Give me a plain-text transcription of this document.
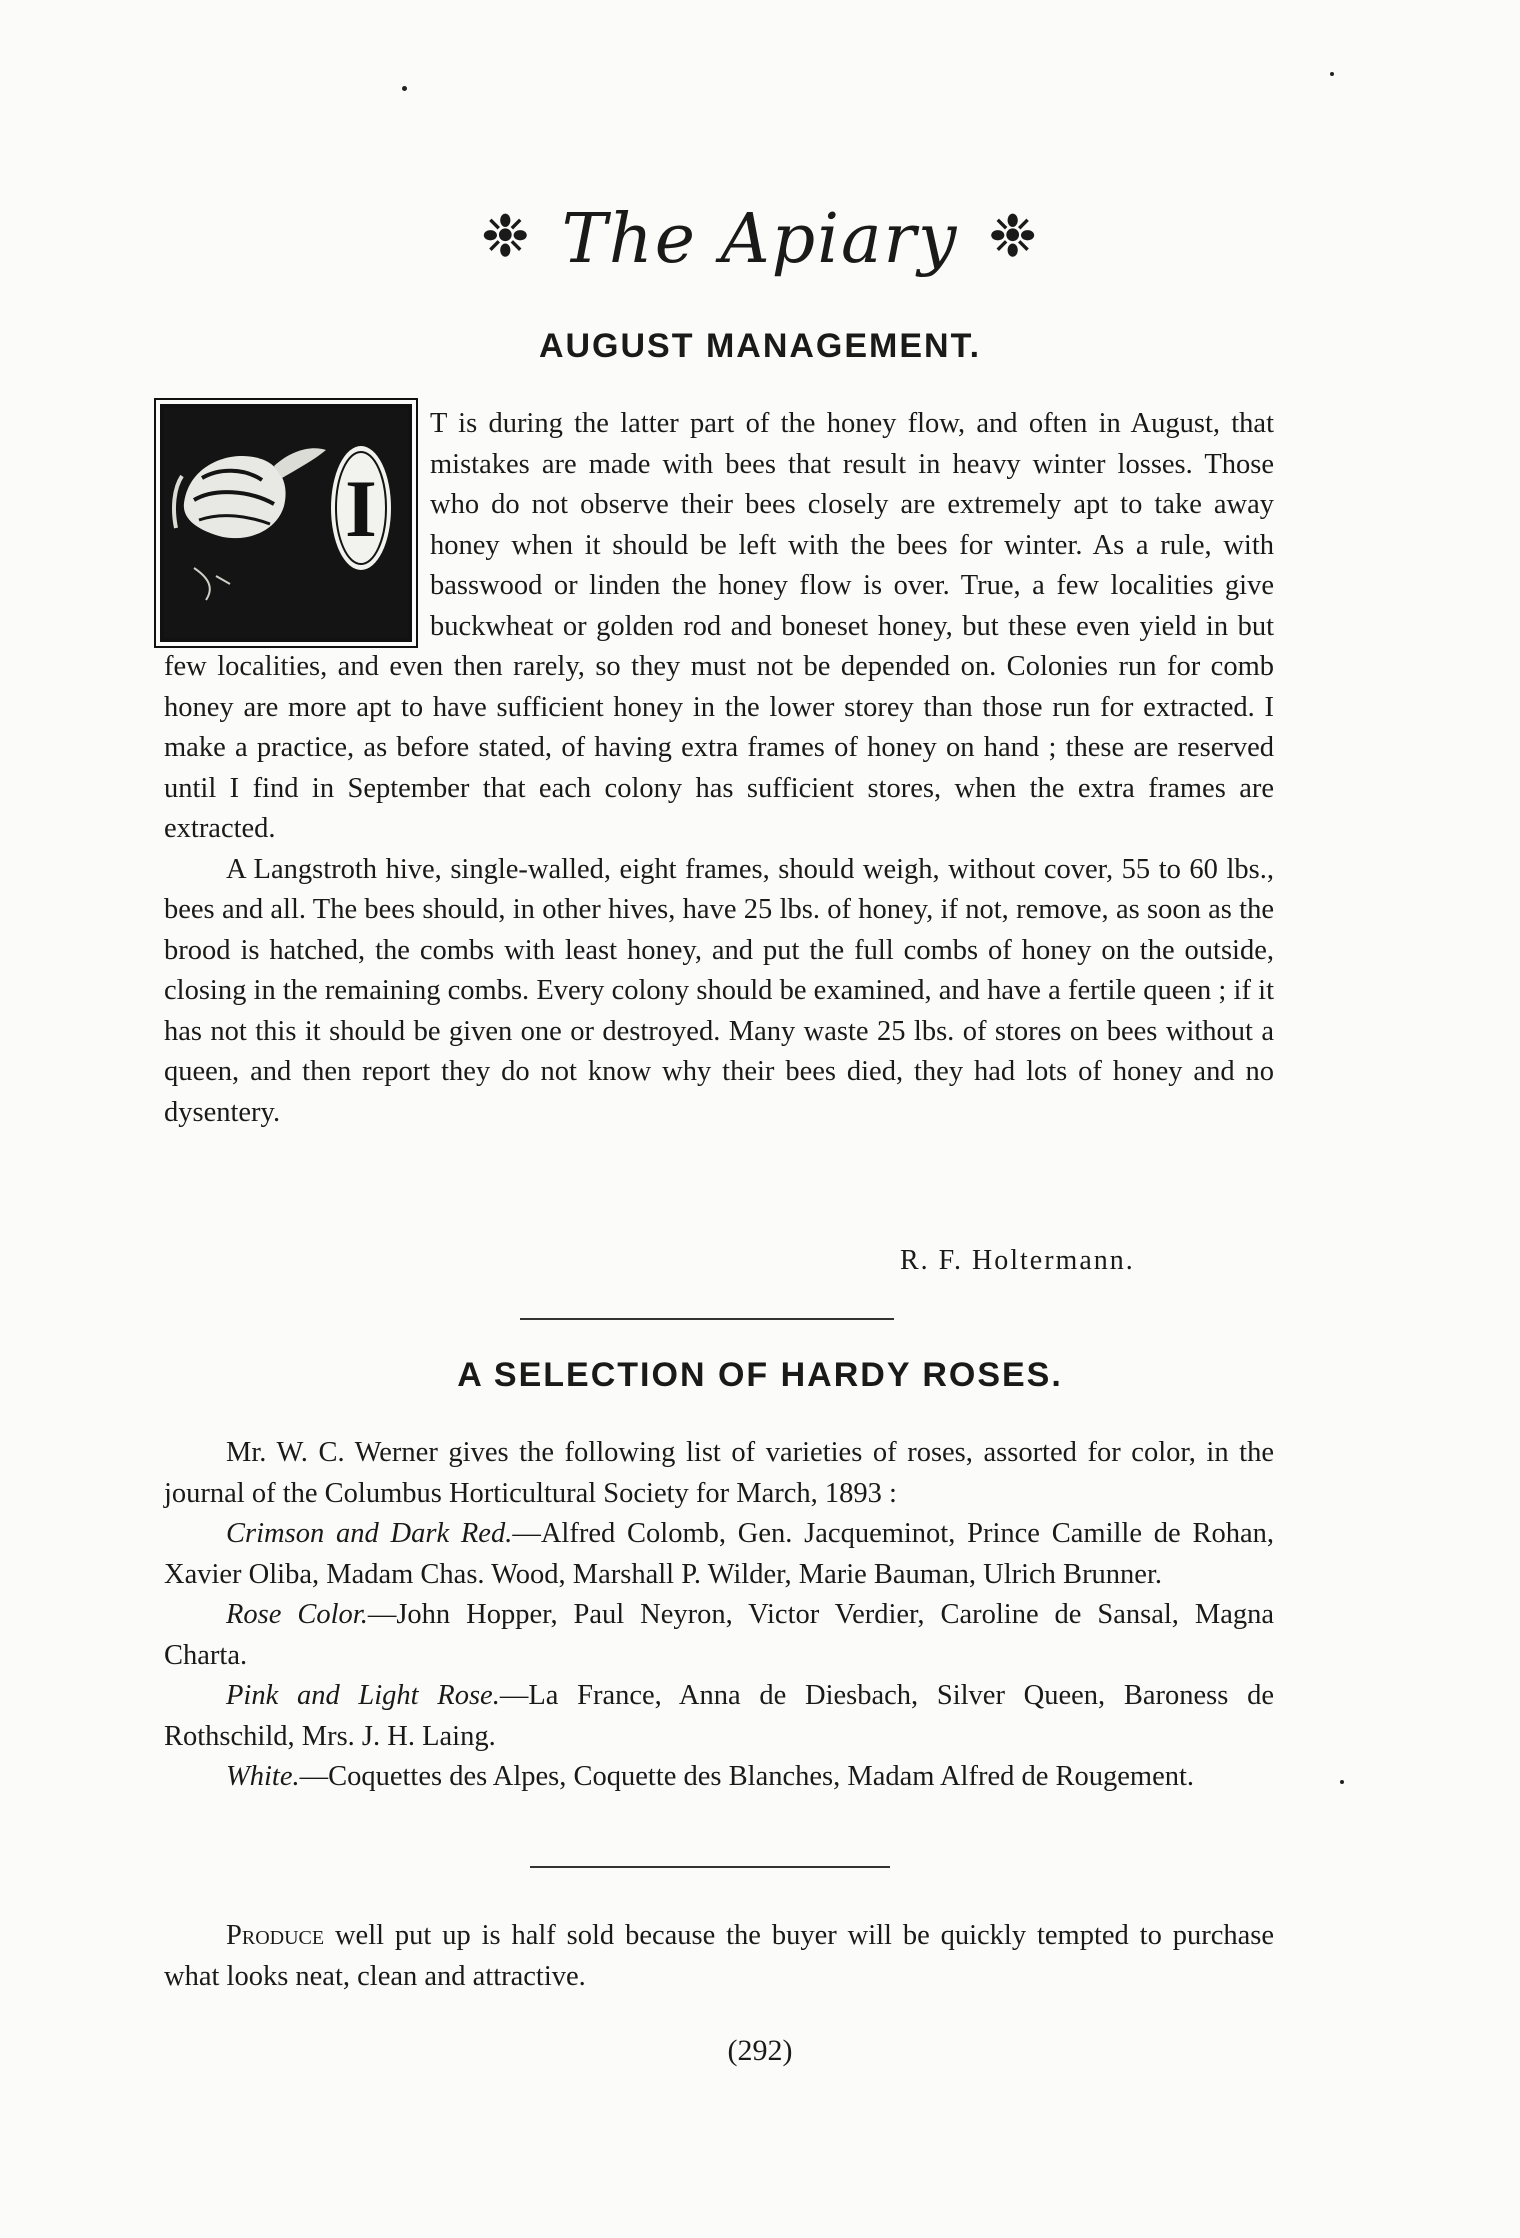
❉ The Apiary ❉
AUGUST MANAGEMENT.
I

T is during the latter part of the honey flow, and often in August, that mistakes are made with bees that result in heavy winter losses. Those who do not observe their bees closely are extremely apt to take away honey when it should be left with the bees for winter. As a rule, with basswood or linden the honey flow is over. True, a few localities give buckwheat or golden rod and boneset honey, but these even yield in but few localities, and even then rarely, so they must not be depended on. Colonies run for comb honey are more apt to have sufficient honey in the lower storey than those run for extracted. I make a practice, as before stated, of having extra frames of honey on hand ; these are reserved until I find in September that each colony has sufficient stores, when the extra frames are extracted.

A Langstroth hive, single-walled, eight frames, should weigh, without cover, 55 to 60 lbs., bees and all. The bees should, in other hives, have 25 lbs. of honey, if not, remove, as soon as the brood is hatched, the combs with least honey, and put the full combs of honey on the outside, closing in the remaining combs. Every colony should be examined, and have a fertile queen ; if it has not this it should be given one or destroyed. Many waste 25 lbs. of stores on bees without a queen, and then report they do not know why their bees died, they had lots of honey and no dysentery.

R. F. Holtermann.
A SELECTION OF HARDY ROSES.

Mr. W. C. Werner gives the following list of varieties of roses, assorted for color, in the journal of the Columbus Horticultural Society for March, 1893 :

Crimson and Dark Red.—Alfred Colomb, Gen. Jacqueminot, Prince Camille de Rohan, Xavier Oliba, Madam Chas. Wood, Marshall P. Wilder, Marie Bauman, Ulrich Brunner.

Rose Color.—John Hopper, Paul Neyron, Victor Verdier, Caroline de Sansal, Magna Charta.

Pink and Light Rose.—La France, Anna de Diesbach, Silver Queen, Baroness de Rothschild, Mrs. J. H. Laing.

White.—Coquettes des Alpes, Coquette des Blanches, Madam Alfred de Rougement.

Produce well put up is half sold because the buyer will be quickly tempted to purchase what looks neat, clean and attractive.

(292)
